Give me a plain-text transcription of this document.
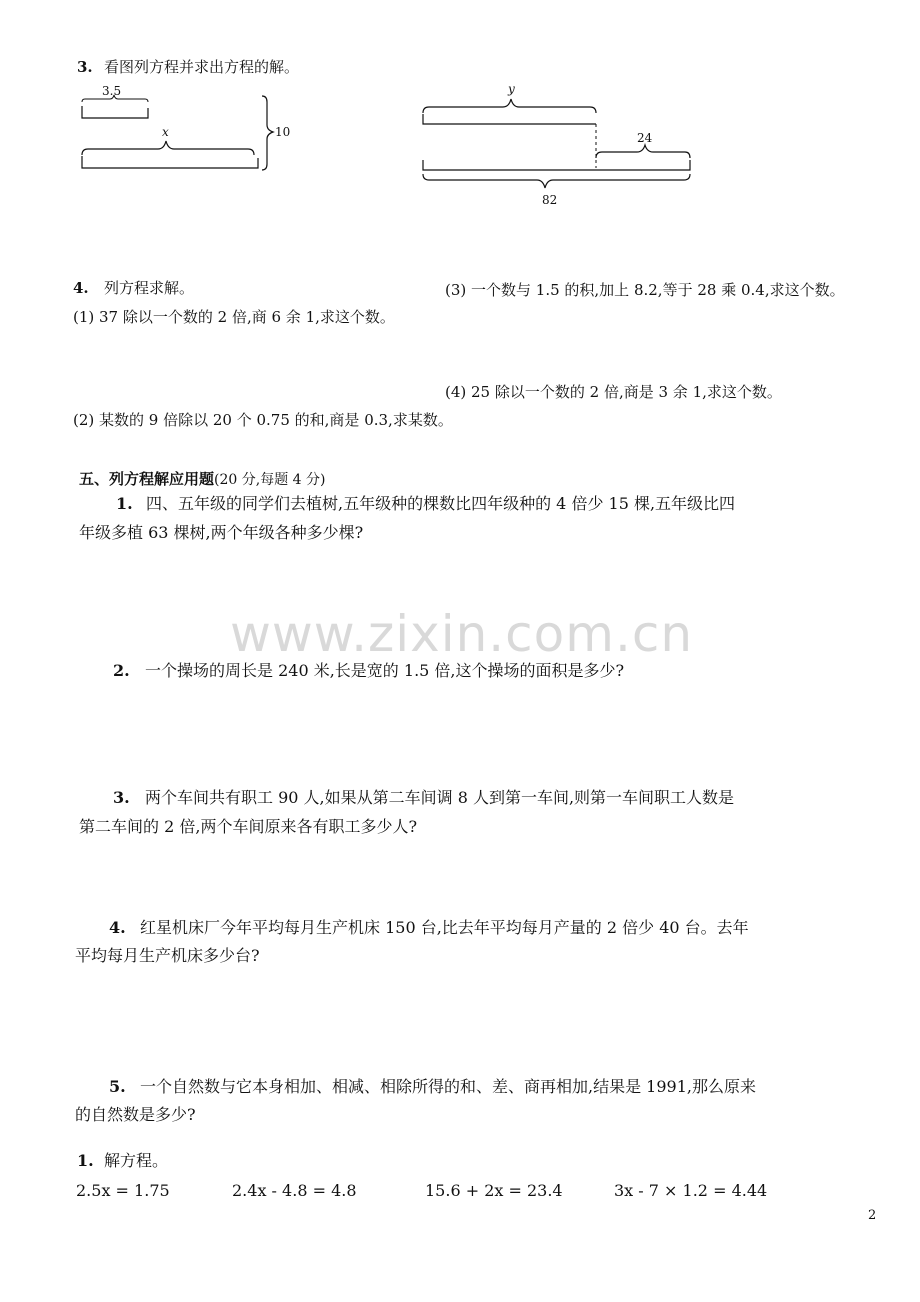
3. 看图列方程并求出方程的解。
3.5
x	10
y
24
82
4. 列方程求解。	(3) 一个数与 1.5 的积,加上 8.2,等于 28 乘 0.4,求这个数。
(1) 37 除以一个数的 2 倍,商 6 余 1,求这个数。
(4) 25 除以一个数的 2 倍,商是 3 余 1,求这个数。
(2) 某数的 9 倍除以 20 个 0.75 的和,商是 0.3,求某数。
五、列方程解应用题(20 分,每题 4 分)
1. 四、五年级的同学们去植树,五年级种的棵数比四年级种的 4 倍少 15 棵,五年级比四
年级多植 63 棵树,两个年级各种多少棵?
2. 一个操场的周长是 240 米,长是宽的 1.5 倍,这个操场的面积是多少?
3. 两个车间共有职工 90 人,如果从第二车间调 8 人到第一车间,则第一车间职工人数是
第二车间的 2 倍,两个车间原来各有职工多少人?
4. 红星机床厂今年平均每月生产机床 150 台,比去年平均每月产量的 2 倍少 40 台。去年
平均每月生产机床多少台?
5. 一个自然数与它本身相加、相减、相除所得的和、差、商再相加,结果是 1991,那么原来
的自然数是多少?
1. 解方程。
2.5x = 1.75	2.4x - 4.8 = 4.8	15.6 + 2x = 23.4	3x - 7 × 1.2 = 4.44
www.zixin.com.cn
2
